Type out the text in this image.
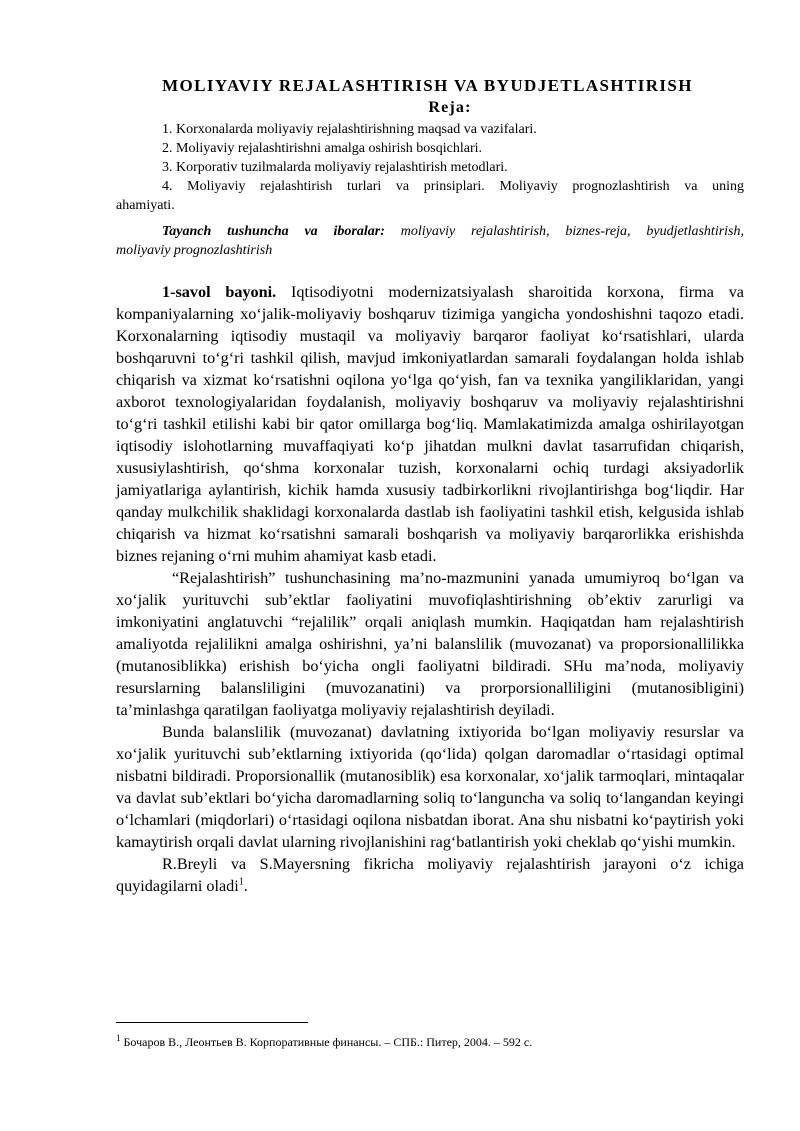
MOLIYAVIY REJALASHTIRISH VA BYUDJETLASHTIRISH
Reja:
1. Korxonalarda moliyaviy rejalashtirishning maqsad va vazifalari.
2. Moliyaviy rejalashtirishni amalga oshirish bosqichlari.
3. Korporativ tuzilmalarda moliyaviy rejalashtirish metodlari.
4. Moliyaviy rejalashtirish turlari va prinsiplari. Moliyaviy prognozlashtirish va uning
ahamiyati.
Tayanch tushuncha va iboralar: moliyaviy rejalashtirish, biznes-reja, byudjetlashtirish,
moliyaviy prognozlashtirish

1-savol bayoni. Iqtisodiyotni modernizatsiyalash sharoitida korxona, firma va kompaniyalarning xo‘jalik-moliyaviy boshqaruv tizimiga yangicha yondoshishni taqozo etadi. Korxonalarning iqtisodiy mustaqil va moliyaviy barqaror faoliyat ko‘rsatishlari, ularda boshqaruvni to‘g‘ri tashkil qilish, mavjud imkoniyatlardan samarali foydalangan holda ishlab chiqarish va xizmat ko‘rsatishni oqilona yo‘lga qo‘yish, fan va texnika yangiliklaridan, yangi axborot texnologiyalaridan foydalanish, moliyaviy boshqaruv va moliyaviy rejalashtirishni to‘g‘ri tashkil etilishi kabi bir qator omillarga bog‘liq. Mamlakatimizda amalga oshirilayotgan iqtisodiy islohotlarning muvaffaqiyati ko‘p jihatdan mulkni davlat tasarrufidan chiqarish, xususiylashtirish, qo‘shma korxonalar tuzish, korxonalarni ochiq turdagi aksiyadorlik jamiyatlariga aylantirish, kichik hamda xususiy tadbirkorlikni rivojlantirishga bog‘liqdir. Har qanday mulkchilik shaklidagi korxonalarda dastlab ish faoliyatini tashkil etish, kelgusida ishlab chiqarish va hizmat ko‘rsatishni samarali boshqarish va moliyaviy barqarorlikka erishishda biznes rejaning o‘rni muhim ahamiyat kasb etadi.

“Rejalashtirish” tushunchasining ma’no-mazmunini yanada umumiyroq bo‘lgan va xo‘jalik yurituvchi sub’ektlar faoliyatini muvofiqlashtirishning ob’ektiv zarurligi va imkoniyatini anglatuvchi “rejalilik” orqali aniqlash mumkin. Haqiqatdan ham rejalashtirish amaliyotda rejalilikni amalga oshirishni, ya’ni balanslilik (muvozanat) va proporsionallilikka (mutanosiblikka) erishish bo‘yicha ongli faoliyatni bildiradi. SHu ma’noda, moliyaviy resurslarning balansliligini (muvozanatini) va prorporsionalliligini (mutanosibligini) ta’minlashga qaratilgan faoliyatga moliyaviy rejalashtirish deyiladi.

Bunda balanslilik (muvozanat) davlatning ixtiyorida bo‘lgan moliyaviy resurslar va xo‘jalik yurituvchi sub’ektlarning ixtiyorida (qo‘lida) qolgan daromadlar o‘rtasidagi optimal nisbatni bildiradi. Proporsionallik (mutanosiblik) esa korxonalar, xo‘jalik tarmoqlari, mintaqalar va davlat sub’ektlari bo‘yicha daromadlarning soliq to‘languncha va soliq to‘langandan keyingi o‘lchamlari (miqdorlari) o‘rtasidagi oqilona nisbatdan iborat. Ana shu nisbatni ko‘paytirish yoki kamaytirish orqali davlat ularning rivojlanishini rag‘batlantirish yoki cheklab qo‘yishi mumkin.

R.Breyli va S.Mayersning fikricha moliyaviy rejalashtirish jarayoni o‘z ichiga quyidagilarni oladi$^1$.

$^1$ Бочаров В., Леонтьев В. Корпоративные финансы. – СПБ.: Питер, 2004. – 592 с.
